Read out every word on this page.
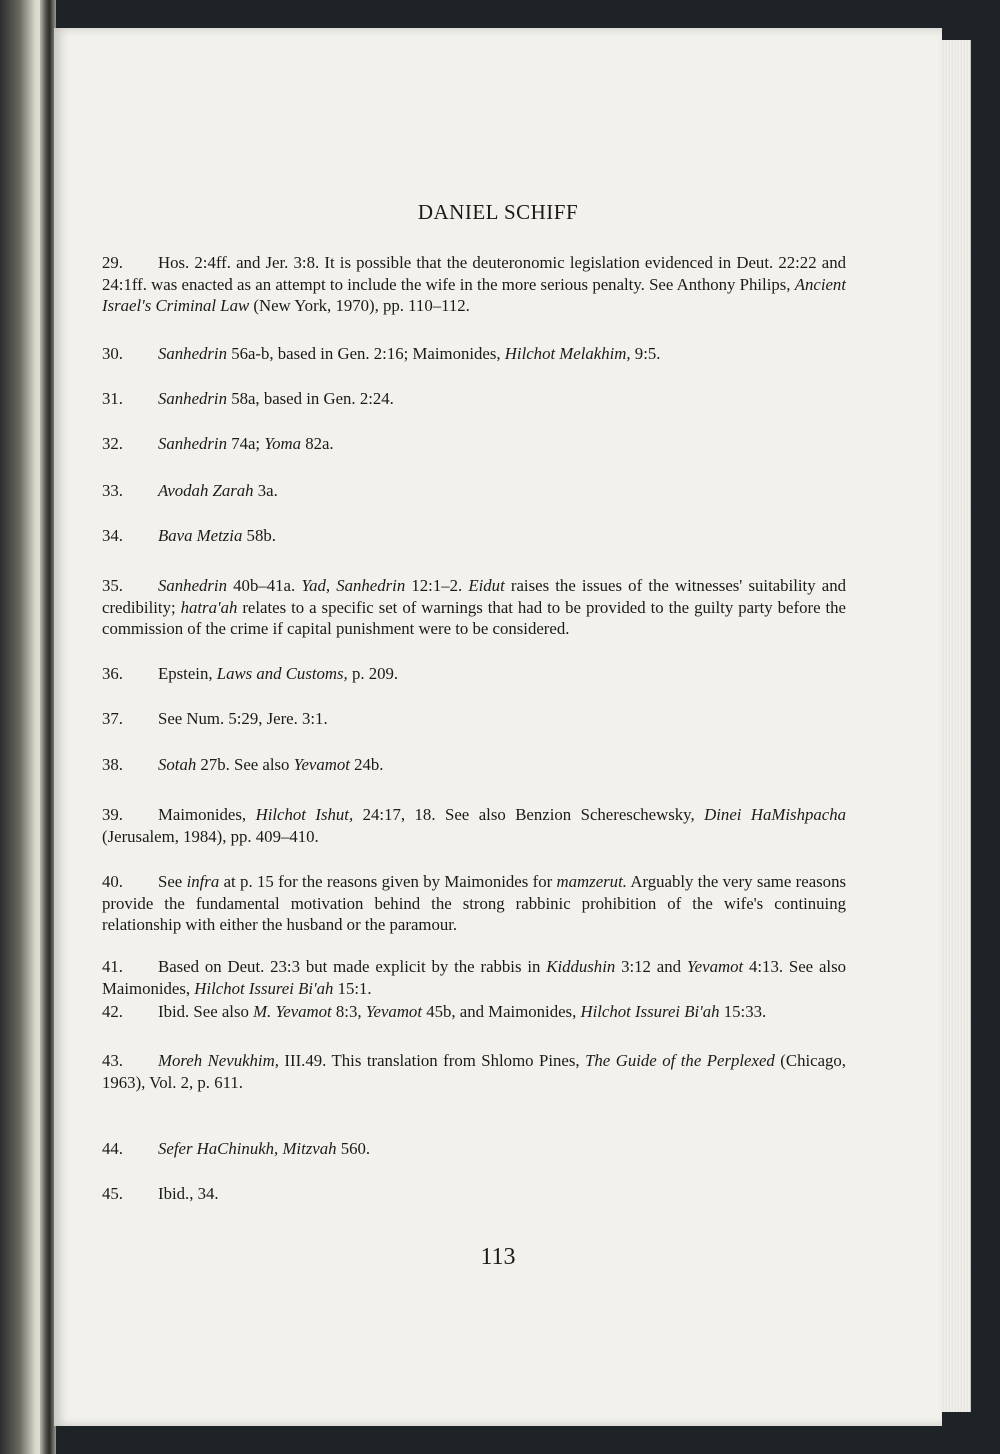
DANIEL SCHIFF

29. Hos. 2:4ff. and Jer. 3:8. It is possible that the deuteronomic legislation evidenced in Deut. 22:22 and 24:1ff. was enacted as an attempt to include the wife in the more serious penalty. See Anthony Philips, Ancient Israel's Criminal Law (New York, 1970), pp. 110–112.

30. Sanhedrin 56a-b, based in Gen. 2:16; Maimonides, Hilchot Melakhim, 9:5.

31. Sanhedrin 58a, based in Gen. 2:24.

32. Sanhedrin 74a; Yoma 82a.

33. Avodah Zarah 3a.

34. Bava Metzia 58b.

35. Sanhedrin 40b–41a. Yad, Sanhedrin 12:1–2. Eidut raises the issues of the witnesses' suitability and credibility; hatra'ah relates to a specific set of warnings that had to be provided to the guilty party before the commission of the crime if capital punishment were to be considered.

36. Epstein, Laws and Customs, p. 209.

37. See Num. 5:29, Jere. 3:1.

38. Sotah 27b. See also Yevamot 24b.

39. Maimonides, Hilchot Ishut, 24:17, 18. See also Benzion Schereschewsky, Dinei HaMishpacha (Jerusalem, 1984), pp. 409–410.

40. See infra at p. 15 for the reasons given by Maimonides for mamzerut. Arguably the very same reasons provide the fundamental motivation behind the strong rabbinic prohibition of the wife's continuing relationship with either the husband or the paramour.

41. Based on Deut. 23:3 but made explicit by the rabbis in Kiddushin 3:12 and Yevamot 4:13. See also Maimonides, Hilchot Issurei Bi'ah 15:1.

42. Ibid. See also M. Yevamot 8:3, Yevamot 45b, and Maimonides, Hilchot Issurei Bi'ah 15:33.

43. Moreh Nevukhim, III.49. This translation from Shlomo Pines, The Guide of the Perplexed (Chicago, 1963), Vol. 2, p. 611.

44. Sefer HaChinukh, Mitzvah 560.

45. Ibid., 34.

113
